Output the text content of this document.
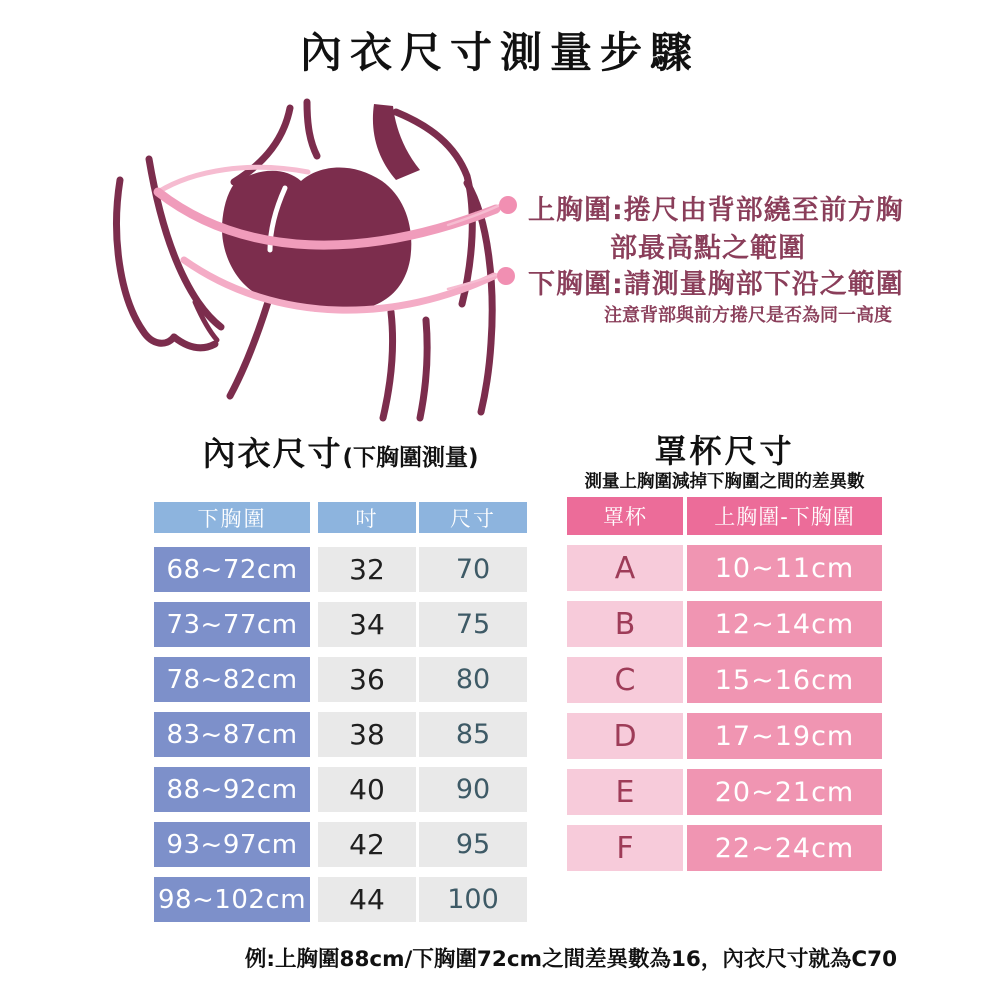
內衣尺寸測量步驟
上胸圍:捲尺由背部繞至前方胸
部最高點之範圍
下胸圍:請測量胸部下沿之範圍
注意背部與前方捲尺是否為同一高度
內衣尺寸(下胸圍測量)
下胸圍	吋	尺寸
68~72cm	32	70
73~77cm	34	75
78~82cm	36	80
83~87cm	38	85
88~92cm	40	90
93~97cm	42	95
98~102cm	44	100
罩杯尺寸
測量上胸圍減掉下胸圍之間的差異數
罩杯	上胸圍-下胸圍
A	10~11cm
B	12~14cm
C	15~16cm
D	17~19cm
E	20~21cm
F	22~24cm
例:上胸圍88cm/下胸圍72cm之間差異數為16，內衣尺寸就為C70
